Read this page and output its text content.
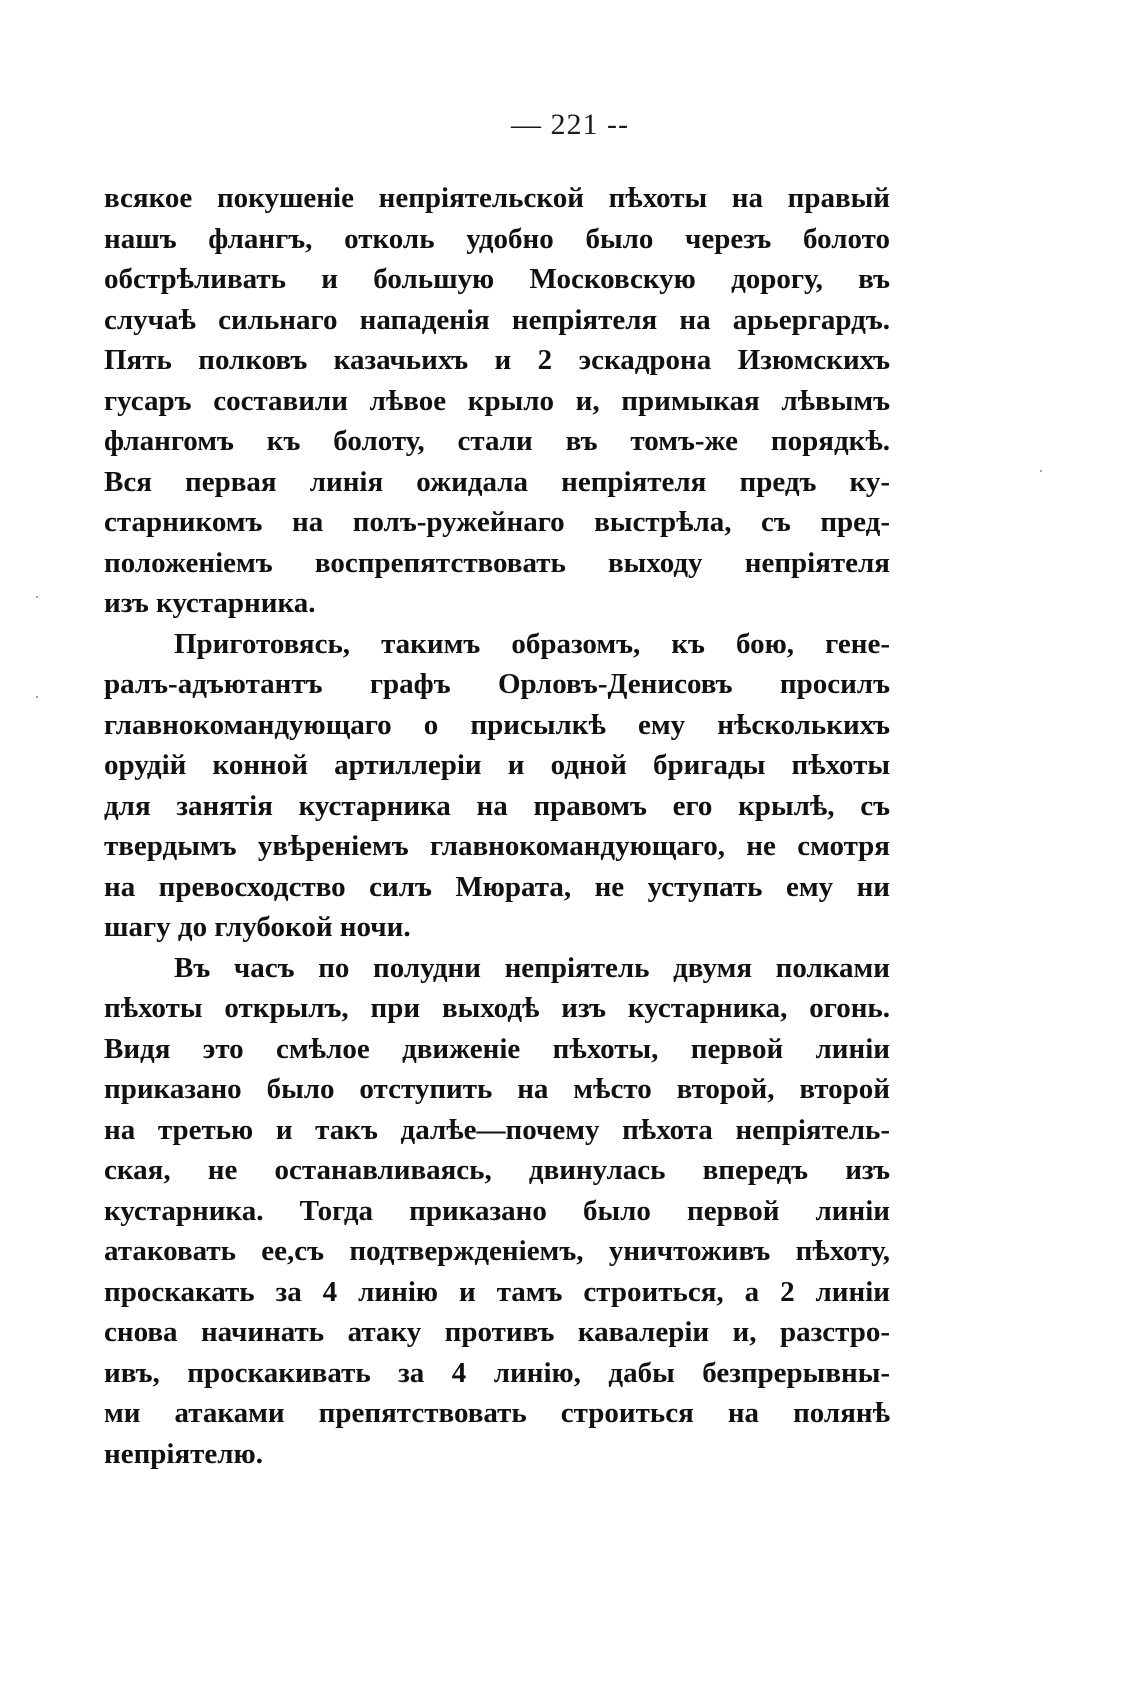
— 221 --
всякое покушеніе непріятельской пѣхоты на правый
нашъ флангъ, отколь удобно было черезъ болото
обстрѣливать и большую Московскую дорогу, въ
случаѣ сильнаго нападенія непріятеля на арьергардъ.
Пять полковъ казачьихъ и 2 эскадрона Изюмскихъ
гусаръ составили лѣвое крыло и, примыкая лѣвымъ
флангомъ къ болоту, стали въ томъ-же порядкѣ.
Вся первая линія ожидала непріятеля предъ ку-
старникомъ на полъ-ружейнаго выстрѣла, съ пред-
положеніемъ воспрепятствовать выходу непріятеля
изъ кустарника.
Приготовясь, такимъ образомъ, къ бою, гене-
ралъ-адъютантъ графъ Орловъ-Денисовъ просилъ
главнокомандующаго о присылкѣ ему нѣсколькихъ
орудій конной артиллеріи и одной бригады пѣхоты
для занятія кустарника на правомъ его крылѣ, съ
твердымъ увѣреніемъ главнокомандующаго, не смотря
на превосходство силъ Мюрата, не уступать ему ни
шагу до глубокой ночи.
Въ часъ по полудни непріятель двумя полками
пѣхоты открылъ, при выходѣ изъ кустарника, огонь.
Видя это смѣлое движеніе пѣхоты, первой линіи
приказано было отступить на мѣсто второй, второй
на третью и такъ далѣе—почему пѣхота непріятель-
ская, не останавливаясь, двинулась впередъ изъ
кустарника. Тогда приказано было первой линіи
атаковать ее,съ подтвержденіемъ, уничтоживъ пѣхоту,
проскакать за 4 линію и тамъ строиться, а 2 линіи
снова начинать атаку противъ кавалеріи и, разстро-
ивъ, проскакивать за 4 линію, дабы безпрерывны-
ми атаками препятствовать строиться на полянѣ
непріятелю.
